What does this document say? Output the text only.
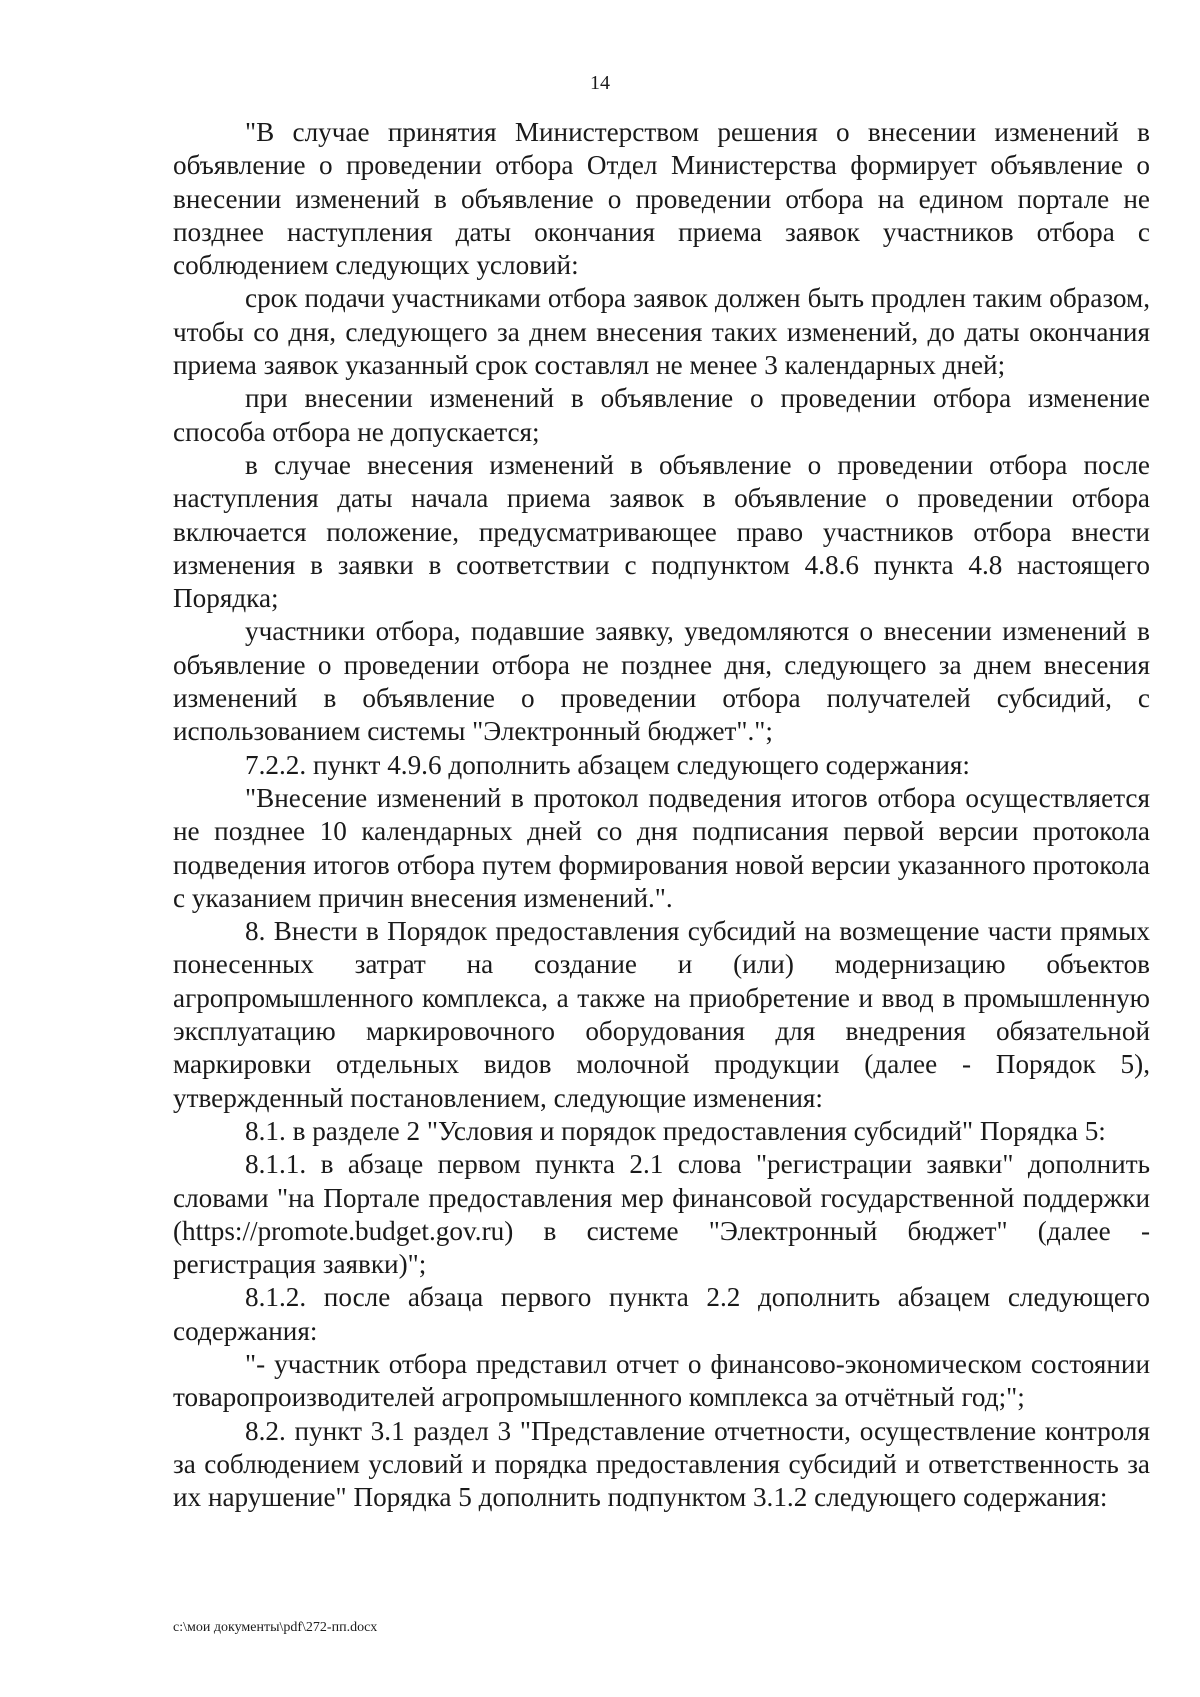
14

"В случае принятия Министерством решения о внесении изменений в объявление о проведении отбора Отдел Министерства формирует объявление о внесении изменений в объявление о проведении отбора на едином портале не позднее наступления даты окончания приема заявок участников отбора с соблюдением следующих условий:

срок подачи участниками отбора заявок должен быть продлен таким образом, чтобы со дня, следующего за днем внесения таких изменений, до даты окончания приема заявок указанный срок составлял не менее 3 календарных дней;

при внесении изменений в объявление о проведении отбора изменение способа отбора не допускается;

в случае внесения изменений в объявление о проведении отбора после наступления даты начала приема заявок в объявление о проведении отбора включается положение, предусматривающее право участников отбора внести изменения в заявки в соответствии с подпунктом 4.8.6 пункта 4.8 настоящего Порядка;

участники отбора, подавшие заявку, уведомляются о внесении изменений в объявление о проведении отбора не позднее дня, следующего за днем внесения изменений в объявление о проведении отбора получателей субсидий, с использованием системы "Электронный бюджет".";

7.2.2. пункт 4.9.6 дополнить абзацем следующего содержания:

"Внесение изменений в протокол подведения итогов отбора осуществляется не позднее 10 календарных дней со дня подписания первой версии протокола подведения итогов отбора путем формирования новой версии указанного протокола с указанием причин внесения изменений.".

8. Внести в Порядок предоставления субсидий на возмещение части прямых понесенных затрат на создание и (или) модернизацию объектов агропромышленного комплекса, а также на приобретение и ввод в промышленную эксплуатацию маркировочного оборудования для внедрения обязательной маркировки отдельных видов молочной продукции (далее - Порядок 5), утвержденный постановлением, следующие изменения:

8.1. в разделе 2 "Условия и порядок предоставления субсидий" Порядка 5:

8.1.1. в абзаце первом пункта 2.1 слова "регистрации заявки" дополнить словами "на Портале предоставления мер финансовой государственной поддержки (https://promote.budget.gov.ru) в системе "Электронный бюджет" (далее - регистрация заявки)";

8.1.2. после абзаца первого пункта 2.2 дополнить абзацем следующего содержания:

"- участник отбора представил отчет о финансово-экономическом состоянии товаропроизводителей агропромышленного комплекса за отчётный год;";

8.2. пункт 3.1 раздел 3 "Представление отчетности, осуществление контроля за соблюдением условий и порядка предоставления субсидий и ответственность за их нарушение" Порядка 5 дополнить подпунктом 3.1.2 следующего содержания:

c:\мои документы\pdf\272-пп.docx
